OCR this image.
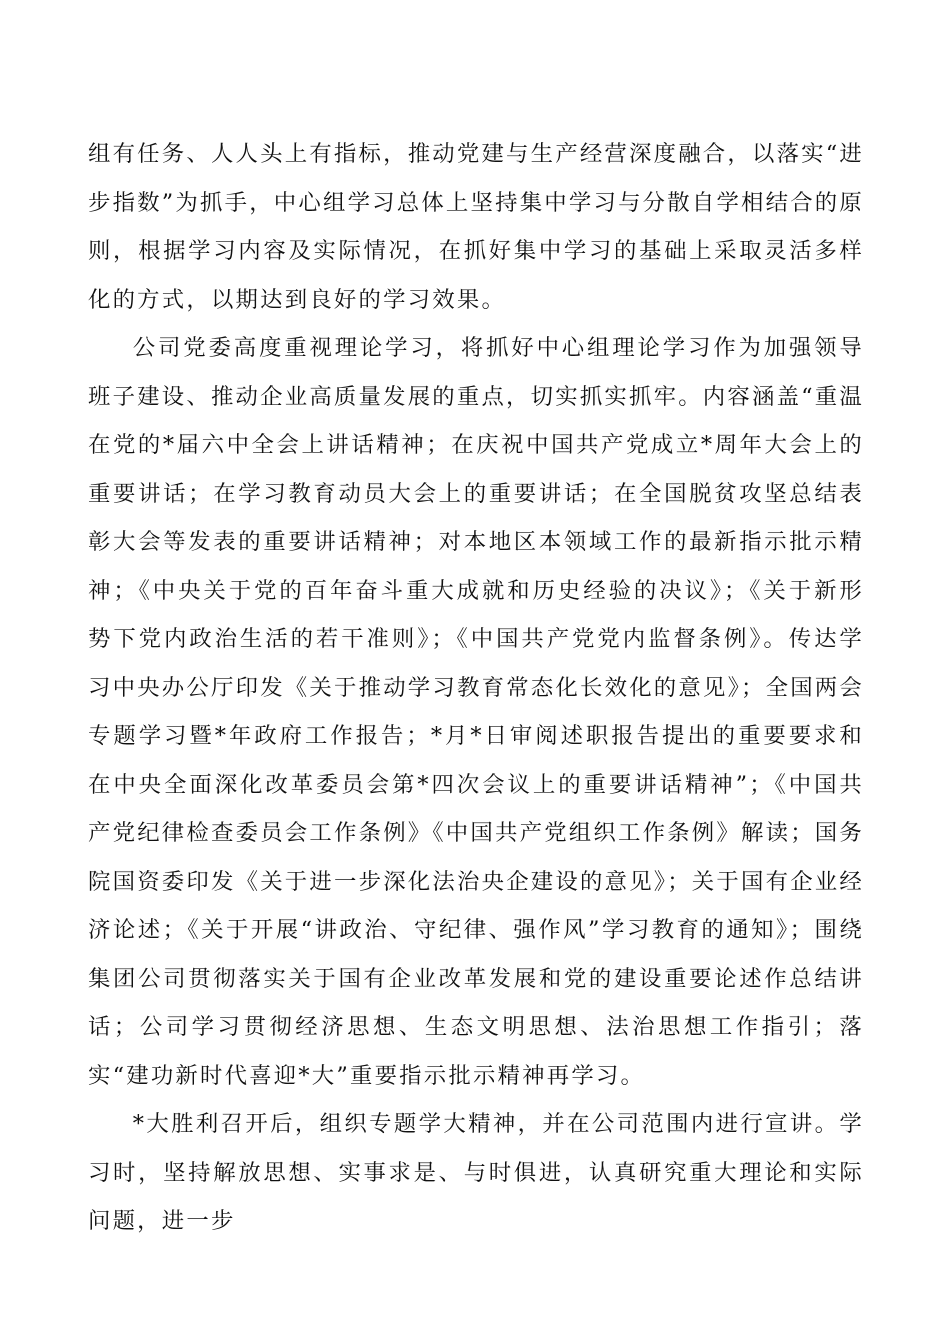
组有任务、人人头上有指标，推动党建与生产经营深度融合，以落实“进步指数”为抓手，中心组学习总体上坚持集中学习与分散自学相结合的原则，根据学习内容及实际情况，在抓好集中学习的基础上采取灵活多样化的方式，以期达到良好的学习效果。

公司党委高度重视理论学习，将抓好中心组理论学习作为加强领导班子建设、推动企业高质量发展的重点，切实抓实抓牢。内容涵盖“重温在党的*届六中全会上讲话精神；在庆祝中国共产党成立*周年大会上的重要讲话；在学习教育动员大会上的重要讲话；在全国脱贫攻坚总结表彰大会等发表的重要讲话精神；对本地区本领域工作的最新指示批示精神；《中央关于党的百年奋斗重大成就和历史经验的决议》；《关于新形势下党内政治生活的若干准则》；《中国共产党党内监督条例》。传达学习中央办公厅印发《关于推动学习教育常态化长效化的意见》；全国两会专题学习暨*年政府工作报告；*月*日审阅述职报告提出的重要要求和在中央全面深化改革委员会第*四次会议上的重要讲话精神”；《中国共产党纪律检查委员会工作条例》《中国共产党组织工作条例》解读；国务院国资委印发《关于进一步深化法治央企建设的意见》；关于国有企业经济论述；《关于开展“讲政治、守纪律、强作风”学习教育的通知》；围绕集团公司贯彻落实关于国有企业改革发展和党的建设重要论述作总结讲话；公司学习贯彻经济思想、生态文明思想、法治思想工作指引；落实“建功新时代喜迎*大”重要指示批示精神再学习。

*大胜利召开后，组织专题学大精神，并在公司范围内进行宣讲。学习时，坚持解放思想、实事求是、与时俱进，认真研究重大理论和实际问题，进一步
